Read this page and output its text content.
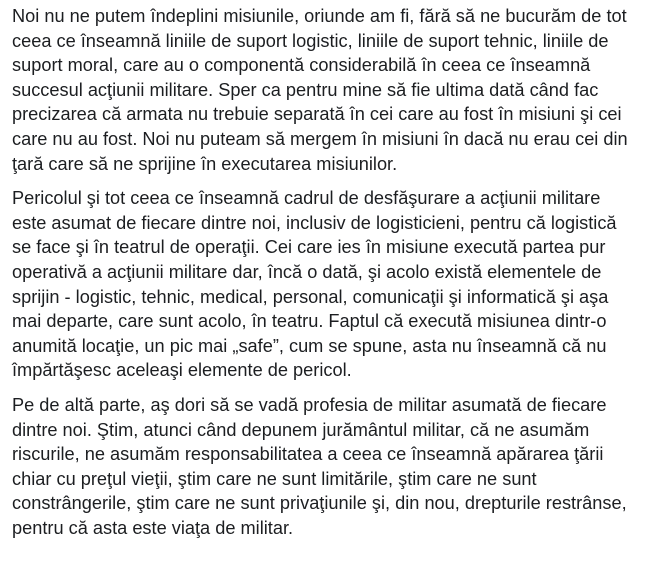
Noi nu ne putem îndeplini misiunile, oriunde am fi, fără să ne bucurăm de tot
ceea ce înseamnă liniile de suport logistic, liniile de suport tehnic, liniile de
suport moral, care au o componentă considerabilă în ceea ce înseamnă
succesul acţiunii militare. Sper ca pentru mine să fie ultima dată când fac
precizarea că armata nu trebuie separată în cei care au fost în misiuni şi cei
care nu au fost. Noi nu puteam să mergem în misiuni în dacă nu erau cei din
ţară care să ne sprijine în executarea misiunilor.
Pericolul şi tot ceea ce înseamnă cadrul de desfăşurare a acţiunii militare
este asumat de fiecare dintre noi, inclusiv de logisticieni, pentru că logistică
se face şi în teatrul de operaţii. Cei care ies în misiune execută partea pur
operativă a acţiunii militare dar, încă o dată, şi acolo există elementele de
sprijin - logistic, tehnic, medical, personal, comunicaţii şi informatică şi aşa
mai departe, care sunt acolo, în teatru. Faptul că execută misiunea dintr-o
anumită locaţie, un pic mai „safe”, cum se spune, asta nu înseamnă că nu
împărtăşesc aceleaşi elemente de pericol.
Pe de altă parte, aş dori să se vadă profesia de militar asumată de fiecare
dintre noi. Ştim, atunci când depunem jurământul militar, că ne asumăm
riscurile, ne asumăm responsabilitatea a ceea ce înseamnă apărarea ţării
chiar cu preţul vieţii, ştim care ne sunt limitările, ştim care ne sunt
constrângerile, ştim care ne sunt privaţiunile şi, din nou, drepturile restrânse,
pentru că asta este viaţa de militar.
